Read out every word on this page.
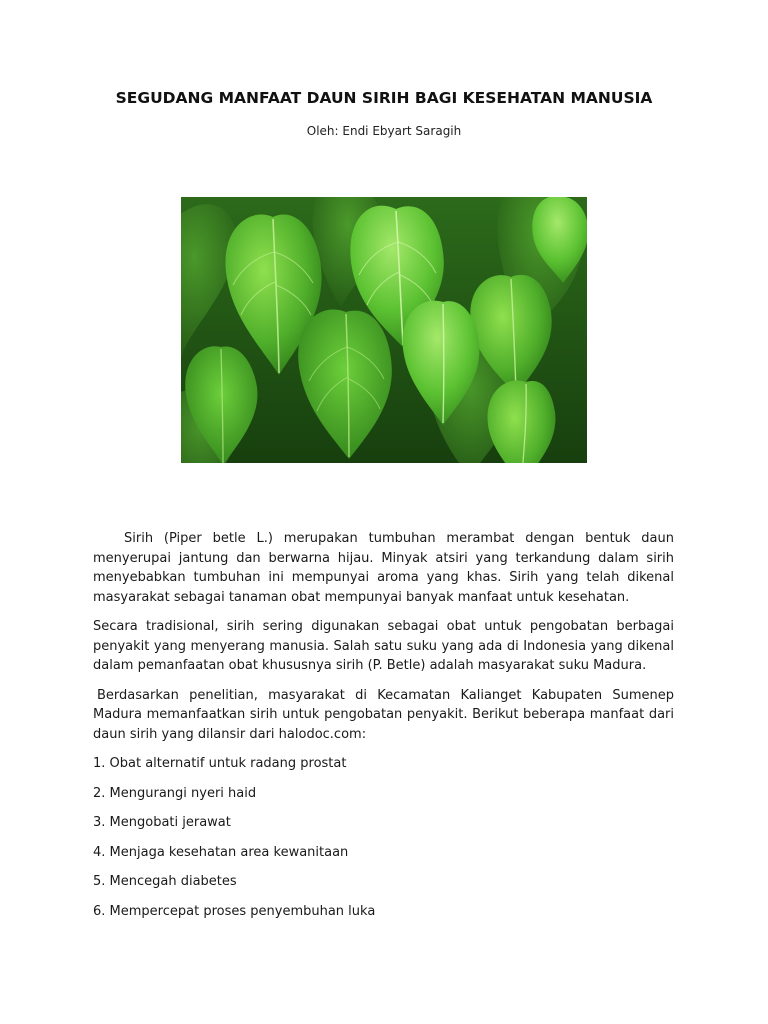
SEGUDANG MANFAAT DAUN SIRIH BAGI KESEHATAN MANUSIA
Oleh: Endi Ebyart Saragih

Sirih (Piper betle L.) merupakan tumbuhan merambat dengan bentuk daun menyerupai jantung dan berwarna hijau. Minyak atsiri yang terkandung dalam sirih menyebabkan tumbuhan ini mempunyai aroma yang khas. Sirih yang telah dikenal masyarakat sebagai tanaman obat mempunyai banyak manfaat untuk kesehatan.

Secara tradisional, sirih sering digunakan sebagai obat untuk pengobatan berbagai penyakit yang menyerang manusia. Salah satu suku yang ada di Indonesia yang dikenal dalam pemanfaatan obat khususnya sirih (P. Betle) adalah masyarakat suku Madura.

Berdasarkan penelitian, masyarakat di Kecamatan Kalianget Kabupaten Sumenep Madura memanfaatkan sirih untuk pengobatan penyakit. Berikut beberapa manfaat dari daun sirih yang dilansir dari halodoc.com:

1. Obat alternatif untuk radang prostat
2. Mengurangi nyeri haid
3. Mengobati jerawat
4. Menjaga kesehatan area kewanitaan
5. Mencegah diabetes
6. Mempercepat proses penyembuhan luka
